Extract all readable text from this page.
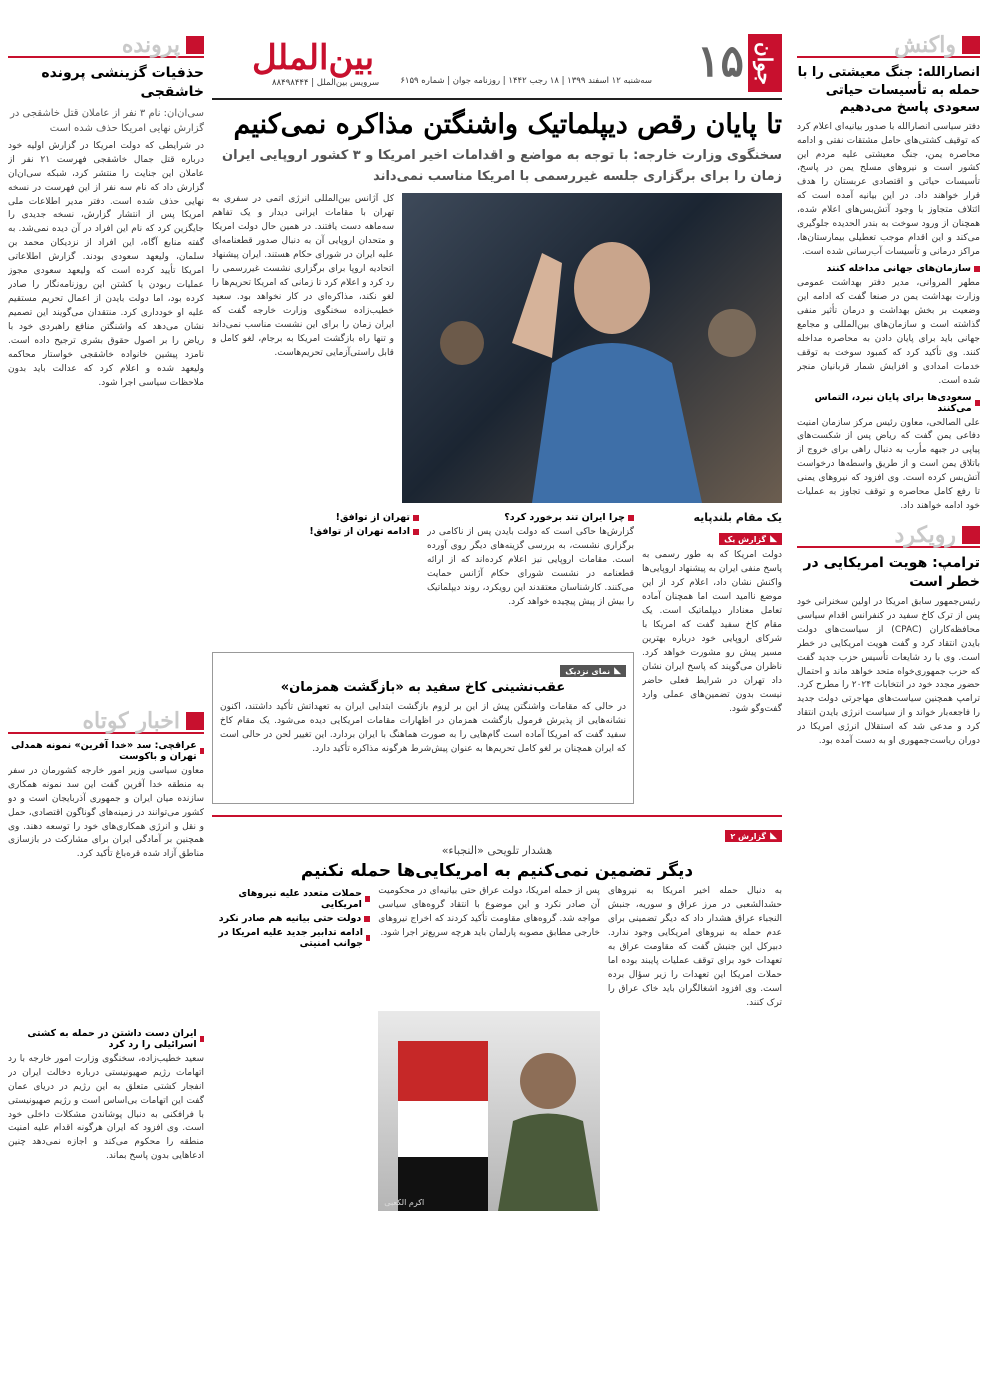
واکنش
انصارالله: جنگ معیشتی را با حمله به تأسیسات حیاتی سعودی پاسخ می‌دهیم
دفتر سیاسی انصارالله با صدور بیانیه‌ای اعلام کرد که توقیف کشتی‌های حامل مشتقات نفتی و ادامه محاصره یمن، جنگ معیشتی علیه مردم این کشور است و نیروهای مسلح یمن در پاسخ، تأسیسات حیاتی و اقتصادی عربستان را هدف قرار خواهند داد. در این بیانیه آمده است که ائتلاف متجاوز با وجود آتش‌بس‌های اعلام شده، همچنان از ورود سوخت به بندر الحدیده جلوگیری می‌کند و این اقدام موجب تعطیلی بیمارستان‌ها، مراکز درمانی و تأسیسات آب‌رسانی شده است.
سازمان‌های جهانی مداخله کنند
مطهر المروانی، مدیر دفتر بهداشت عمومی وزارت بهداشت یمن در صنعا گفت که ادامه این وضعیت بر بخش بهداشت و درمان تأثیر منفی گذاشته است و سازمان‌های بین‌المللی و مجامع جهانی باید برای پایان دادن به محاصره مداخله کنند. وی تأکید کرد که کمبود سوخت به توقف خدمات امدادی و افزایش شمار قربانیان منجر شده است.
سعودی‌ها برای پایان نبرد، التماس می‌کنند
علی الصالحی، معاون رئیس مرکز سازمان امنیت دفاعی یمن گفت که ریاض پس از شکست‌های پیاپی در جبهه مأرب به دنبال راهی برای خروج از باتلاق یمن است و از طریق واسطه‌ها درخواست آتش‌بس کرده است. وی افزود که نیروهای یمنی تا رفع کامل محاصره و توقف تجاوز به عملیات خود ادامه خواهند داد.
رویکرد
ترامپ: هویت امریکایی در خطر است
رئیس‌جمهور سابق امریکا در اولین سخنرانی خود پس از ترک کاخ سفید در کنفرانس اقدام سیاسی محافظه‌کاران (CPAC) از سیاست‌های دولت بایدن انتقاد کرد و گفت هویت امریکایی در خطر است. وی با رد شایعات تأسیس حزب جدید گفت که حزب جمهوری‌خواه متحد خواهد ماند و احتمال حضور مجدد خود در انتخابات ۲۰۲۴ را مطرح کرد. ترامپ همچنین سیاست‌های مهاجرتی دولت جدید را فاجعه‌بار خواند و از سیاست انرژی بایدن انتقاد کرد و مدعی شد که استقلال انرژی امریکا در دوران ریاست‌جمهوری او به دست آمده بود.
جوان
۱۵
سه‌شنبه ۱۲ اسفند ۱۳۹۹ | ۱۸ رجب ۱۴۴۲ | روزنامه جوان | شماره ۶۱۵۹
بین‌الملل
سرویس بین‌الملل | ۸۸۴۹۸۴۴۴
تا پایان رقص دیپلماتیک واشنگتن مذاکره نمی‌کنیم
سخنگوی وزارت خارجه: با توجه به مواضع و اقدامات اخیر امریکا و ۳ کشور اروپایی ایران زمان را برای برگزاری جلسه غیررسمی با امریکا مناسب نمی‌داند
کل آژانس بین‌المللی انرژی اتمی در سفری به تهران با مقامات ایرانی دیدار و یک تفاهم سه‌ماهه دست یافتند. در همین حال دولت امریکا و متحدان اروپایی آن به دنبال صدور قطعنامه‌ای علیه ایران در شورای حکام هستند. ایران پیشنهاد اتحادیه اروپا برای برگزاری نشست غیررسمی را رد کرد و اعلام کرد تا زمانی که امریکا تحریم‌ها را لغو نکند، مذاکره‌ای در کار نخواهد بود. سعید خطیب‌زاده سخنگوی وزارت خارجه گفت که ایران زمان را برای این نشست مناسب نمی‌داند و تنها راه بازگشت امریکا به برجام، لغو کامل و قابل راستی‌آزمایی تحریم‌هاست.
یک مقام بلندپایه
◣
گزارش یک
دولت امریکا که به طور رسمی به پاسخ منفی ایران به پیشنهاد اروپایی‌ها واکنش نشان داد، اعلام کرد از این موضع ناامید است اما همچنان آماده تعامل معنادار دیپلماتیک است. یک مقام کاخ سفید گفت که امریکا با شرکای اروپایی خود درباره بهترین مسیر پیش رو مشورت خواهد کرد. ناظران می‌گویند که پاسخ ایران نشان داد تهران در شرایط فعلی حاضر نیست بدون تضمین‌های عملی وارد گفت‌وگو شود.
چرا ایران تند برخورد کرد؟
گزارش‌ها حاکی است که دولت بایدن پس از ناکامی در برگزاری نشست، به بررسی گزینه‌های دیگر روی آورده است. مقامات اروپایی نیز اعلام کرده‌اند که از ارائه قطعنامه در نشست شورای حکام آژانس حمایت می‌کنند. کارشناسان معتقدند این رویکرد، روند دیپلماتیک را بیش از پیش پیچیده خواهد کرد.
تهران از توافق!
ادامه تهران از توافق!
◣
نمای نزدیک
عقب‌نشینی کاخ سفید به «بازگشت همزمان»
در حالی که مقامات واشنگتن پیش از این بر لزوم بازگشت ابتدایی ایران به تعهداتش تأکید داشتند، اکنون نشانه‌هایی از پذیرش فرمول بازگشت همزمان در اظهارات مقامات امریکایی دیده می‌شود. یک مقام کاخ سفید گفت که امریکا آماده است گام‌هایی را به صورت هماهنگ با ایران بردارد. این تغییر لحن در حالی است که ایران همچنان بر لغو کامل تحریم‌ها به عنوان پیش‌شرط هرگونه مذاکره تأکید دارد.
◣
گزارش ۲
هشدار تلویحی «النجباء»
دیگر تضمین نمی‌کنیم به امریکایی‌ها حمله نکنیم
به دنبال حمله اخیر امریکا به نیروهای حشدالشعبی در مرز عراق و سوریه، جنبش النجباء عراق هشدار داد که دیگر تضمینی برای عدم حمله به نیروهای امریکایی وجود ندارد. دبیرکل این جنبش گفت که مقاومت عراق به تعهدات خود برای توقف عملیات پایبند بوده اما حملات امریکا این تعهدات را زیر سؤال برده است. وی افزود اشغالگران باید خاک عراق را ترک کنند.
پس از حمله امریکا، دولت عراق حتی بیانیه‌ای در محکومیت آن صادر نکرد و این موضوع با انتقاد گروه‌های سیاسی مواجه شد. گروه‌های مقاومت تأکید کردند که اخراج نیروهای خارجی مطابق مصوبه پارلمان باید هرچه سریع‌تر اجرا شود.
اکرم الکعبی
حملات متعدد علیه نیروهای امریکایی
دولت حتی بیانیه هم صادر نکرد
ادامه تدابیر جدید علیه امریکا در جوانب امنیتی
پرونده
حذفیات گزینشی پرونده خاشقجی
سی‌ان‌ان: نام ۳ نفر از عاملان قتل خاشقجی در گزارش نهایی امریکا حذف شده است
در شرایطی که دولت امریکا در گزارش اولیه خود درباره قتل جمال خاشقجی فهرست ۲۱ نفر از عاملان این جنایت را منتشر کرد، شبکه سی‌ان‌ان گزارش داد که نام سه نفر از این فهرست در نسخه نهایی حذف شده است. دفتر مدیر اطلاعات ملی امریکا پس از انتشار گزارش، نسخه جدیدی را جایگزین کرد که نام این افراد در آن دیده نمی‌شد. به گفته منابع آگاه، این افراد از نزدیکان محمد بن سلمان، ولیعهد سعودی بودند. گزارش اطلاعاتی امریکا تأیید کرده است که ولیعهد سعودی مجوز عملیات ربودن یا کشتن این روزنامه‌نگار را صادر کرده بود، اما دولت بایدن از اعمال تحریم مستقیم علیه او خودداری کرد. منتقدان می‌گویند این تصمیم نشان می‌دهد که واشنگتن منافع راهبردی خود با ریاض را بر اصول حقوق بشری ترجیح داده است. نامزد پیشین خانواده خاشقجی خواستار محاکمه ولیعهد شده و اعلام کرد که عدالت باید بدون ملاحظات سیاسی اجرا شود.
اخبار کوتاه
عراقچی: سد «خدا آفرین» نمونه همدلی تهران و باکوست
معاون سیاسی وزیر امور خارجه کشورمان در سفر به منطقه خدا آفرین گفت این سد نمونه همکاری سازنده میان ایران و جمهوری آذربایجان است و دو کشور می‌توانند در زمینه‌های گوناگون اقتصادی، حمل و نقل و انرژی همکاری‌های خود را توسعه دهند. وی همچنین بر آمادگی ایران برای مشارکت در بازسازی مناطق آزاد شده قره‌باغ تأکید کرد.
ایران دست داشتن در حمله به کشتی اسرائیلی را رد کرد
سعید خطیب‌زاده، سخنگوی وزارت امور خارجه با رد اتهامات رژیم صهیونیستی درباره دخالت ایران در انفجار کشتی متعلق به این رژیم در دریای عمان گفت این اتهامات بی‌اساس است و رژیم صهیونیستی با فرافکنی به دنبال پوشاندن مشکلات داخلی خود است. وی افزود که ایران هرگونه اقدام علیه امنیت منطقه را محکوم می‌کند و اجازه نمی‌دهد چنین ادعاهایی بدون پاسخ بماند.
